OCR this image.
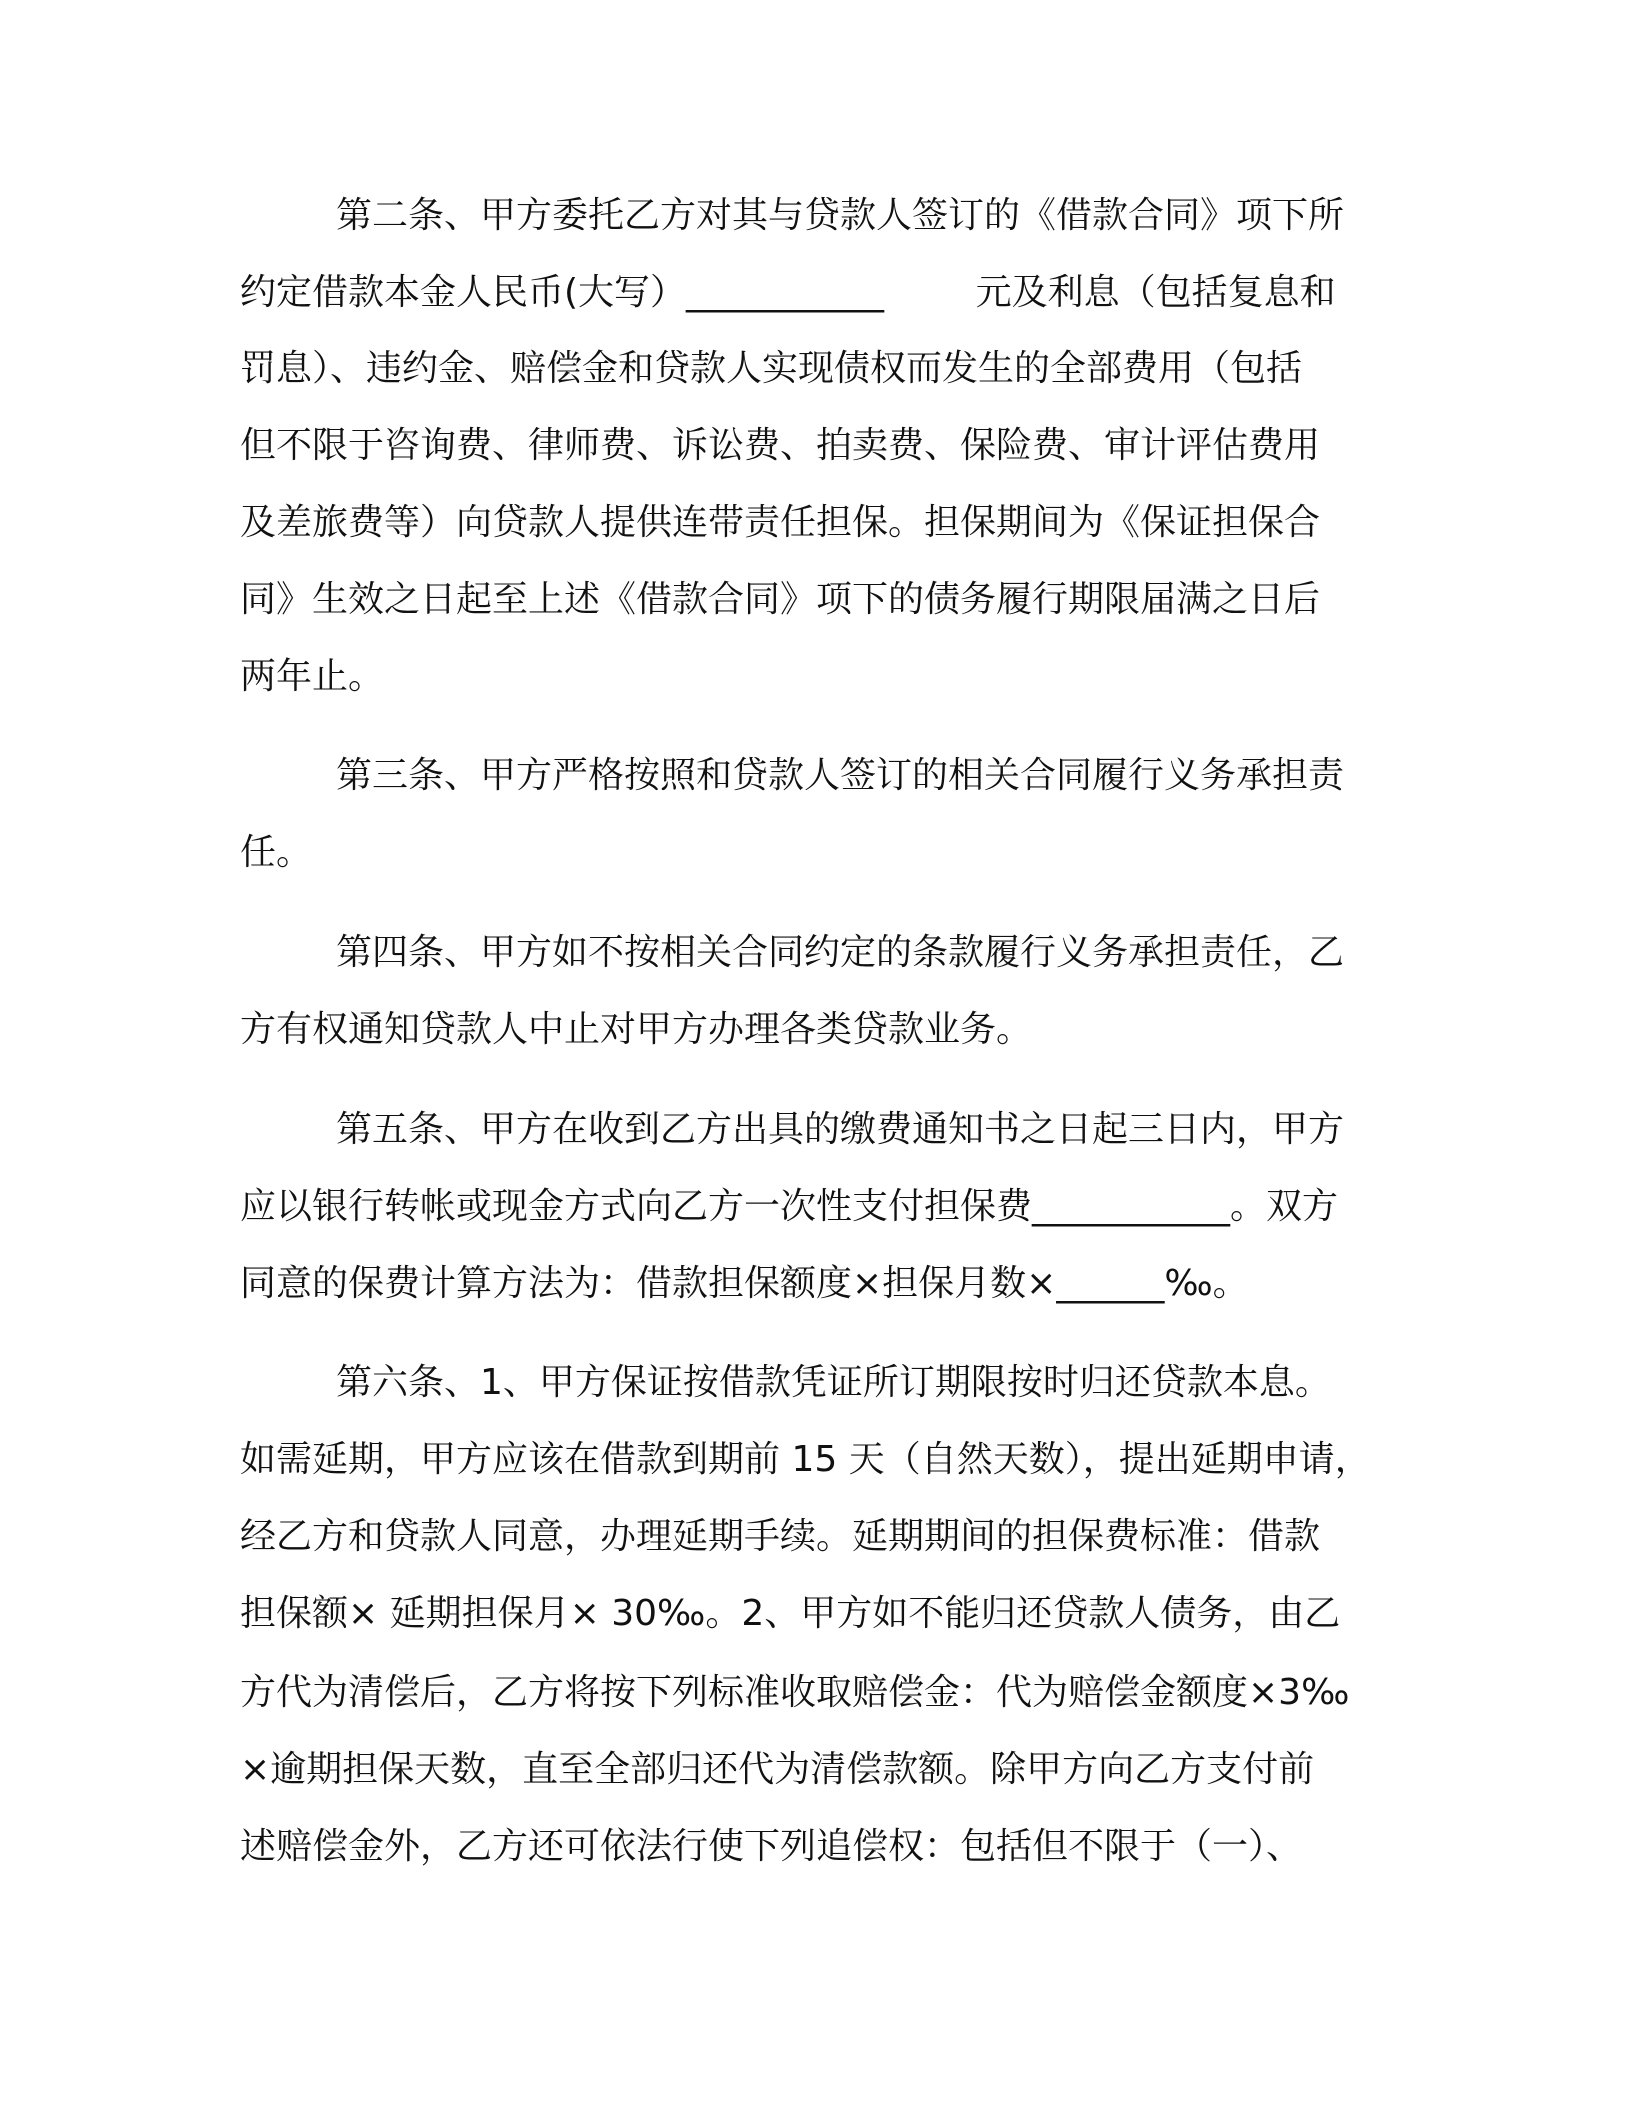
第二条、甲方委托乙方对其与贷款人签订的《借款合同》项下所
约定借款本金人民币(大写）___________        元及利息（包括复息和
罚息）、违约金、赔偿金和贷款人实现债权而发生的全部费用（包括
但不限于咨询费、律师费、诉讼费、拍卖费、保险费、审计评估费用
及差旅费等）向贷款人提供连带责任担保。担保期间为《保证担保合
同》生效之日起至上述《借款合同》项下的债务履行期限届满之日后
两年止。
第三条、甲方严格按照和贷款人签订的相关合同履行义务承担责
任。
第四条、甲方如不按相关合同约定的条款履行义务承担责任，乙
方有权通知贷款人中止对甲方办理各类贷款业务。
第五条、甲方在收到乙方出具的缴费通知书之日起三日内，甲方
应以银行转帐或现金方式向乙方一次性支付担保费___________。双方
同意的保费计算方法为：借款担保额度×担保月数×______‰。
第六条、1、甲方保证按借款凭证所订期限按时归还贷款本息。
如需延期，甲方应该在借款到期前 15 天（自然天数），提出延期申请，
经乙方和贷款人同意，办理延期手续。延期期间的担保费标准：借款
担保额× 延期担保月× 30‰。2、甲方如不能归还贷款人债务，由乙
方代为清偿后，乙方将按下列标准收取赔偿金：代为赔偿金额度×3‰
×逾期担保天数，直至全部归还代为清偿款额。除甲方向乙方支付前
述赔偿金外，乙方还可依法行使下列追偿权：包括但不限于（一）、
